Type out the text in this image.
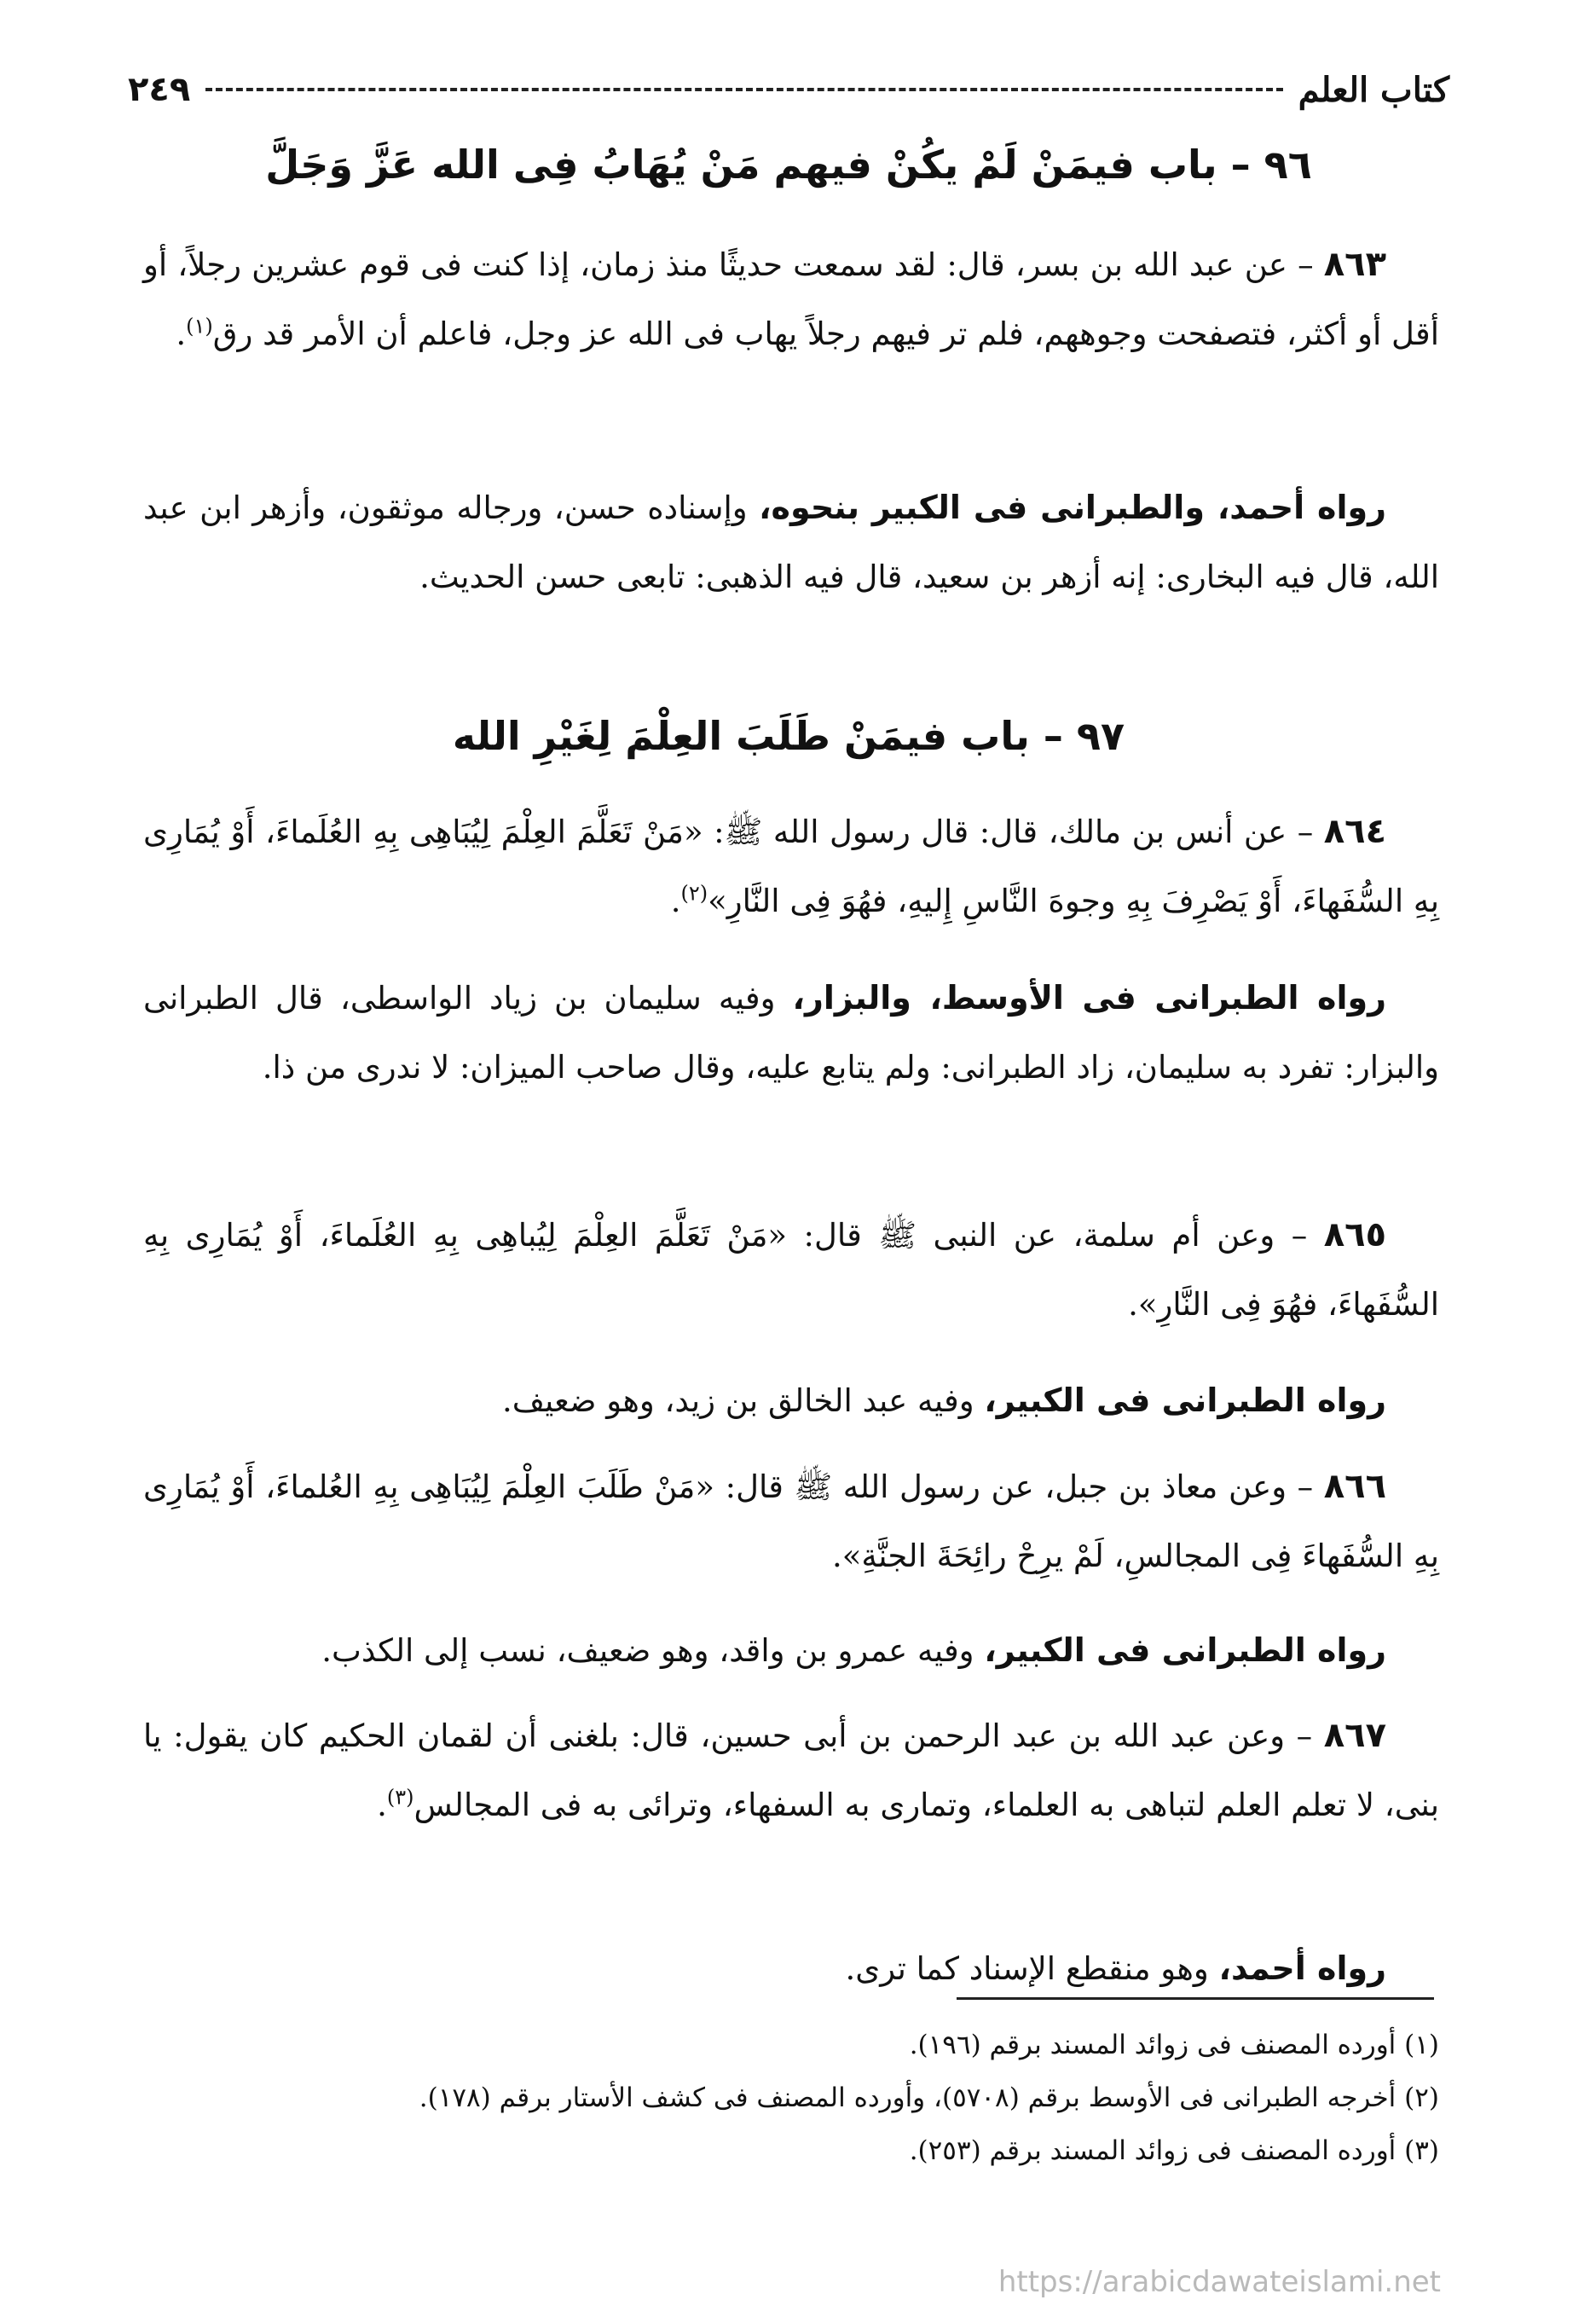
كتاب العلم
٢٤٩
٩٦ – باب فيمَنْ لَمْ يكُنْ فيهم مَنْ يُهَابُ فِى الله عَزَّ وَجَلَّ
٨٦٣ – عن عبد الله بن بسر، قال: لقد سمعت حديثًا منذ زمان، إذا كنت فى قوم عشرين رجلاً، أو أقل أو أكثر، فتصفحت وجوههم، فلم تر فيهم رجلاً يهاب فى الله عز وجل، فاعلم أن الأمر قد رق$^{(١)}$.
رواه أحمد، والطبرانى فى الكبير بنحوه، وإسناده حسن، ورجاله موثقون، وأزهر ابن عبد الله، قال فيه البخارى: إنه أزهر بن سعيد، قال فيه الذهبى: تابعى حسن الحديث.
٩٧ – باب فيمَنْ طَلَبَ العِلْمَ لِغَيْرِ الله
٨٦٤ – عن أنس بن مالك، قال: قال رسول الله ﷺ: «مَنْ تَعَلَّمَ العِلْمَ لِيُبَاهِى بِهِ العُلَماءَ، أَوْ يُمَارِى بِهِ السُّفَهاءَ، أَوْ يَصْرِفَ بِهِ وجوهَ النَّاسِ إِليهِ، فهُوَ فِى النَّارِ»$^{(٢)}$.
رواه الطبرانى فى الأوسط، والبزار، وفيه سليمان بن زياد الواسطى، قال الطبرانى والبزار: تفرد به سليمان، زاد الطبرانى: ولم يتابع عليه، وقال صاحب الميزان: لا ندرى من ذا.
٨٦٥ – وعن أم سلمة، عن النبى ﷺ قال: «مَنْ تَعَلَّمَ العِلْمَ لِيُباهِى بِهِ العُلَماءَ، أَوْ يُمَارِى بِهِ السُّفَهاءَ، فهُوَ فِى النَّارِ».
رواه الطبرانى فى الكبير، وفيه عبد الخالق بن زيد، وهو ضعيف.
٨٦٦ – وعن معاذ بن جبل، عن رسول الله ﷺ قال: «مَنْ طَلَبَ العِلْمَ لِيُبَاهِى بِهِ العُلماءَ، أَوْ يُمَارِى بِهِ السُّفَهاءَ فِى المجالسِ، لَمْ يرِحْ رائِحَةَ الجنَّةِ».
رواه الطبرانى فى الكبير، وفيه عمرو بن واقد، وهو ضعيف، نسب إلى الكذب.
٨٦٧ – وعن عبد الله بن عبد الرحمن بن أبى حسين، قال: بلغنى أن لقمان الحكيم كان يقول: يا بنى، لا تعلم العلم لتباهى به العلماء، وتمارى به السفهاء، وترائى به فى المجالس$^{(٣)}$.
رواه أحمد، وهو منقطع الإسناد كما ترى.
(١) أورده المصنف فى زوائد المسند برقم (١٩٦).
(٢) أخرجه الطبرانى فى الأوسط برقم (٥٧٠٨)، وأورده المصنف فى كشف الأستار برقم (١٧٨).
(٣) أورده المصنف فى زوائد المسند برقم (٢٥٣).
https://arabicdawateislami.net
